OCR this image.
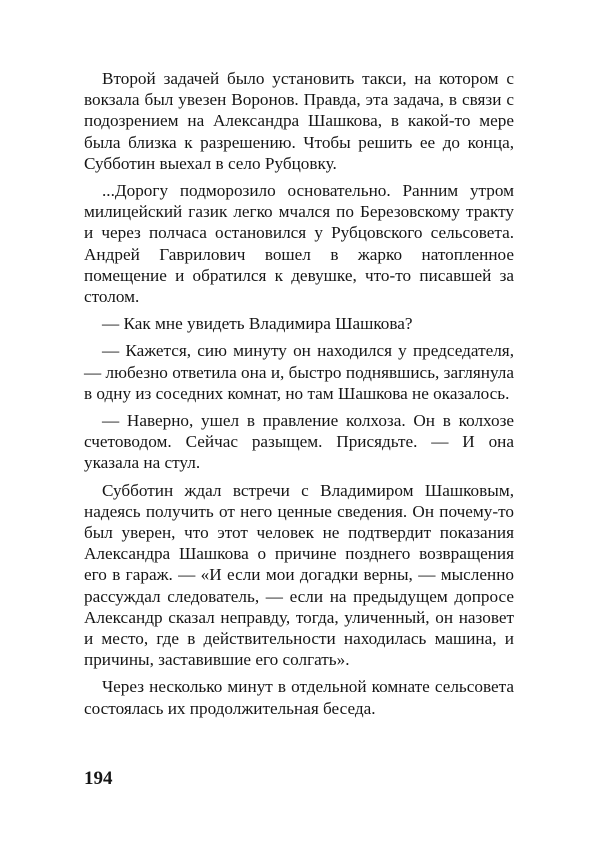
Второй задачей было установить такси, на котором с вокзала был увезен Воронов. Правда, эта задача, в связи с подозрением на Александра Шашкова, в какой-то мере была близка к разрешению. Чтобы решить ее до конца, Субботин выехал в село Рубцовку.

...Дорогу подморозило основательно. Ранним утром милицейский газик легко мчался по Березовскому тракту и через полчаса остановился у Рубцовского сельсовета. Андрей Гаврилович вошел в жарко натопленное помещение и обратился к девушке, что-то писавшей за столом.

— Как мне увидеть Владимира Шашкова?

— Кажется, сию минуту он находился у председателя, — любезно ответила она и, быстро поднявшись, заглянула в одну из соседних комнат, но там Шашкова не оказалось.

— Наверно, ушел в правление колхоза. Он в колхозе счетоводом. Сейчас разыщем. Присядьте. — И она указала на стул.

Субботин ждал встречи с Владимиром Шашковым, надеясь получить от него ценные сведения. Он почему-то был уверен, что этот человек не подтвердит показания Александра Шашкова о причине позднего возвращения его в гараж. — «И если мои догадки верны, — мысленно рассуждал следователь, — если на предыдущем допросе Александр сказал неправду, тогда, уличенный, он назовет и место, где в действительности находилась машина, и причины, заставившие его солгать».

Через несколько минут в отдельной комнате сельсовета состоялась их продолжительная беседа.

194
